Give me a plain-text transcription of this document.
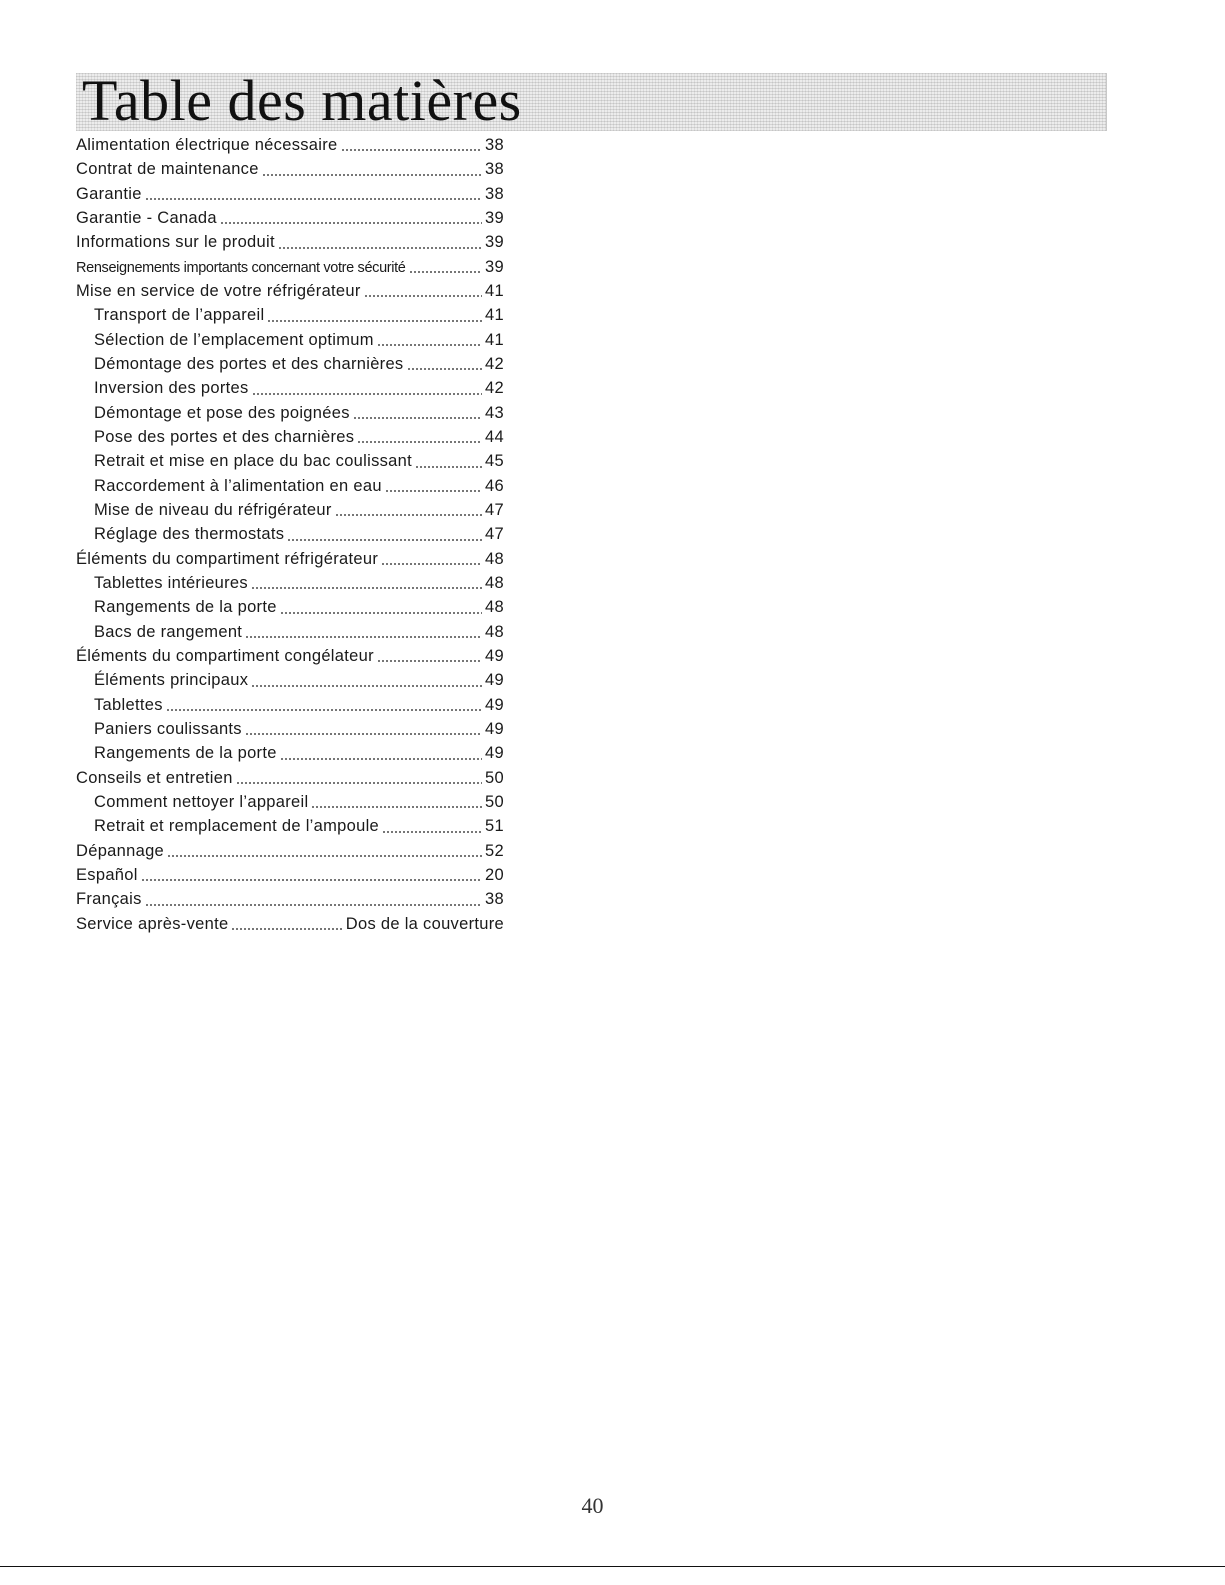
Table des matières
Alimentation électrique nécessaire	38
Contrat de maintenance	38
Garantie	38
Garantie - Canada	39
Informations sur le produit	39
Renseignements importants concernant votre sécurité	39
Mise en service de votre réfrigérateur	41
Transport de l’appareil	41
Sélection de l’emplacement optimum	41
Démontage des portes et des charnières	42
Inversion des portes	42
Démontage et pose des poignées	43
Pose des portes et des charnières	44
Retrait et mise en place du bac coulissant	45
Raccordement à l’alimentation en eau	46
Mise de niveau du réfrigérateur	47
Réglage des thermostats	47
Éléments du compartiment réfrigérateur	48
Tablettes intérieures	48
Rangements de la porte	48
Bacs de rangement	48
Éléments du compartiment congélateur	49
Éléments principaux	49
Tablettes	49
Paniers coulissants	49
Rangements de la porte	49
Conseils et entretien	50
Comment nettoyer l’appareil	50
Retrait et remplacement de l’ampoule	51
Dépannage	52
Español	20
Français	38
Service après-vente	Dos de la couverture
40
